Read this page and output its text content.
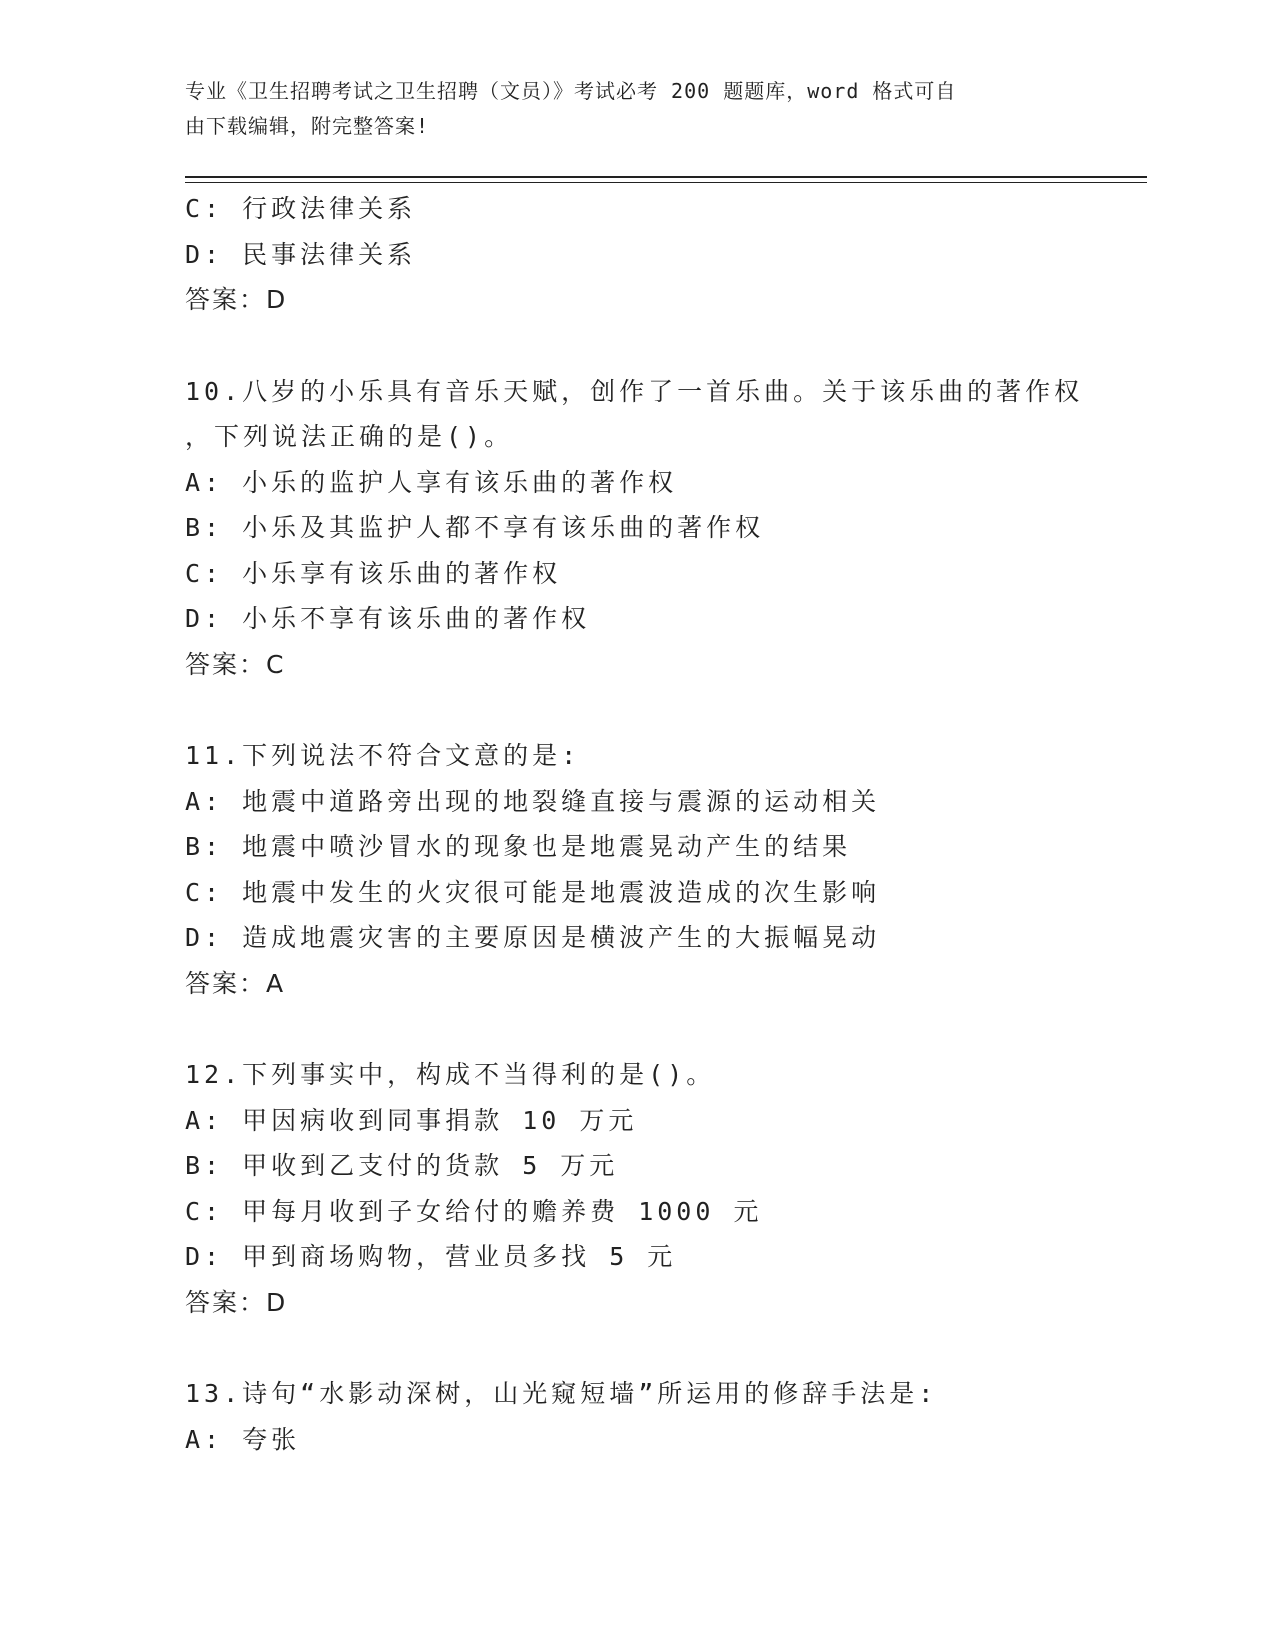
专业《卫生招聘考试之卫生招聘（文员）》考试必考 200 题题库，word 格式可自
由下载编辑，附完整答案!
C: 行政法律关系
D: 民事法律关系
答案：D
10.八岁的小乐具有音乐天赋，创作了一首乐曲。关于该乐曲的著作权
，下列说法正确的是()。
A: 小乐的监护人享有该乐曲的著作权
B: 小乐及其监护人都不享有该乐曲的著作权
C: 小乐享有该乐曲的著作权
D: 小乐不享有该乐曲的著作权
答案：C
11.下列说法不符合文意的是:
A: 地震中道路旁出现的地裂缝直接与震源的运动相关
B: 地震中喷沙冒水的现象也是地震晃动产生的结果
C: 地震中发生的火灾很可能是地震波造成的次生影响
D: 造成地震灾害的主要原因是横波产生的大振幅晃动
答案：A
12.下列事实中，构成不当得利的是()。
A: 甲因病收到同事捐款 10 万元
B: 甲收到乙支付的货款 5 万元
C: 甲每月收到子女给付的赡养费 1000 元
D: 甲到商场购物，营业员多找 5 元
答案：D
13.诗句“水影动深树，山光窥短墙”所运用的修辞手法是:
A: 夸张
